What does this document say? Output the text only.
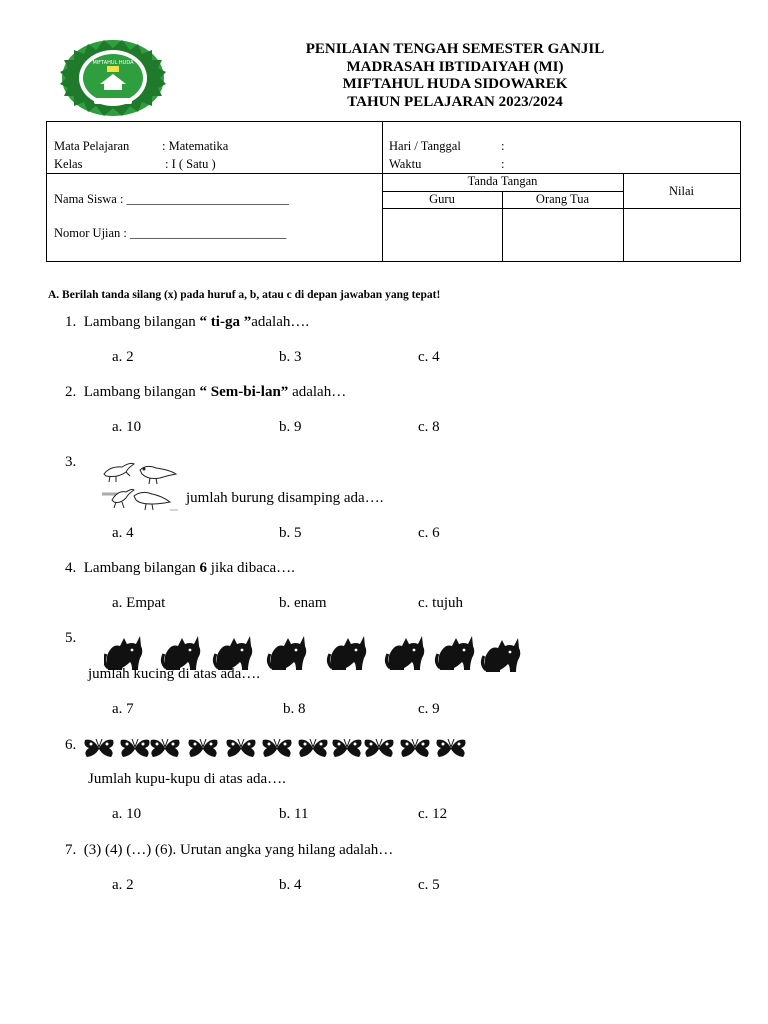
MIFTAHUL HUDA
PENILAIAN TENGAH SEMESTER GANJIL
MADRASAH IBTIDAIYAH (MI)
MIFTAHUL HUDA SIDOWAREK
TAHUN PELAJARAN 2023/2024
Mata Pelajaran	: Matematika
Kelas	: I ( Satu )
Hari / Tanggal	:
Waktu	:
Nama Siswa : __________________________
Nomor Ujian : _________________________
Tanda Tangan
Guru	Orang Tua
Nilai
A. Berilah tanda silang (x) pada huruf a, b, atau c di depan jawaban yang tepat!
1. Lambang bilangan “ ti-ga ”adalah….
a. 2	b. 3	c. 4
2. Lambang bilangan “ Sem-bi-lan” adalah…
a. 10	b. 9	c. 8
3.
jumlah burung disamping ada….
a. 4	b. 5	c. 6
4. Lambang bilangan 6 jika dibaca….
a. Empat	b. enam	c. tujuh
5.
jumlah kucing di atas ada….
a. 7	b. 8	c. 9
6.
Jumlah kupu-kupu di atas ada….
a. 10	b. 11	c. 12
7. (3) (4) (…) (6). Urutan angka yang hilang adalah…
a. 2	b. 4	c. 5
